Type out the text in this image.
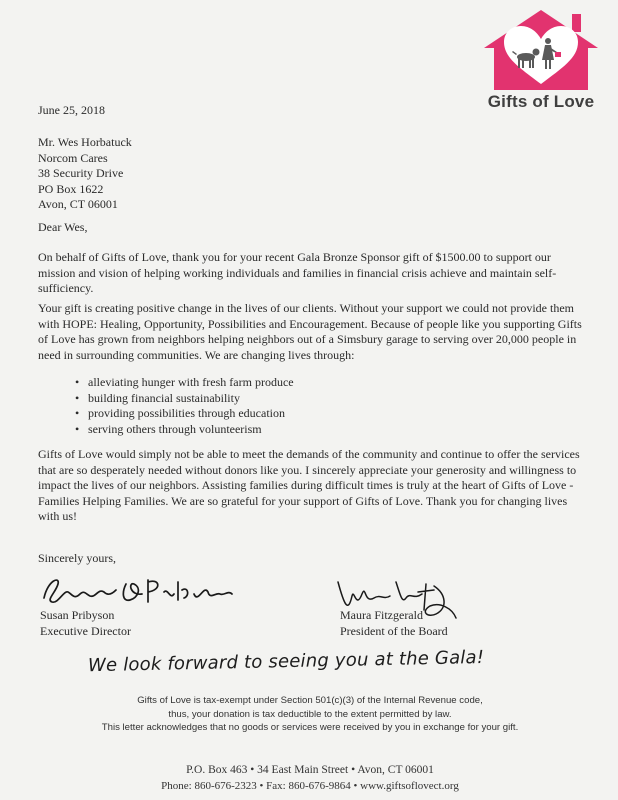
Gifts of Love
June 25, 2018
Mr. Wes Horbatuck
Norcom Cares
38 Security Drive
PO Box 1622
Avon, CT 06001
Dear Wes,

On behalf of Gifts of Love, thank you for your recent Gala Bronze Sponsor gift of $1500.00 to support our mission and vision of helping working individuals and families in financial crisis achieve and maintain self-sufficiency.

Your gift is creating positive change in the lives of our clients. Without your support we could not provide them with HOPE: Healing, Opportunity, Possibilities and Encouragement. Because of people like you supporting Gifts of Love has grown from neighbors helping neighbors out of a Simsbury garage to serving over 20,000 people in need in surrounding communities. We are changing lives through:

• alleviating hunger with fresh farm produce
• building financial sustainability
• providing possibilities through education
• serving others through volunteerism

Gifts of Love would simply not be able to meet the demands of the community and continue to offer the services that are so desperately needed without donors like you. I sincerely appreciate your generosity and willingness to impact the lives of our neighbors. Assisting families during difficult times is truly at the heart of Gifts of Love - Families Helping Families. We are so grateful for your support of Gifts of Love. Thank you for changing lives with us!

Sincerely yours,
Susan Pribyson
Executive Director
Maura Fitzgerald
President of the Board
We look forward to seeing you at the Gala!
Gifts of Love is tax-exempt under Section 501(c)(3) of the Internal Revenue code,
thus, your donation is tax deductible to the extent permitted by law.
This letter acknowledges that no goods or services were received by you in exchange for your gift.
P.O. Box 463 • 34 East Main Street • Avon, CT 06001
Phone: 860-676-2323 • Fax: 860-676-9864 • www.giftsoflovect.org
